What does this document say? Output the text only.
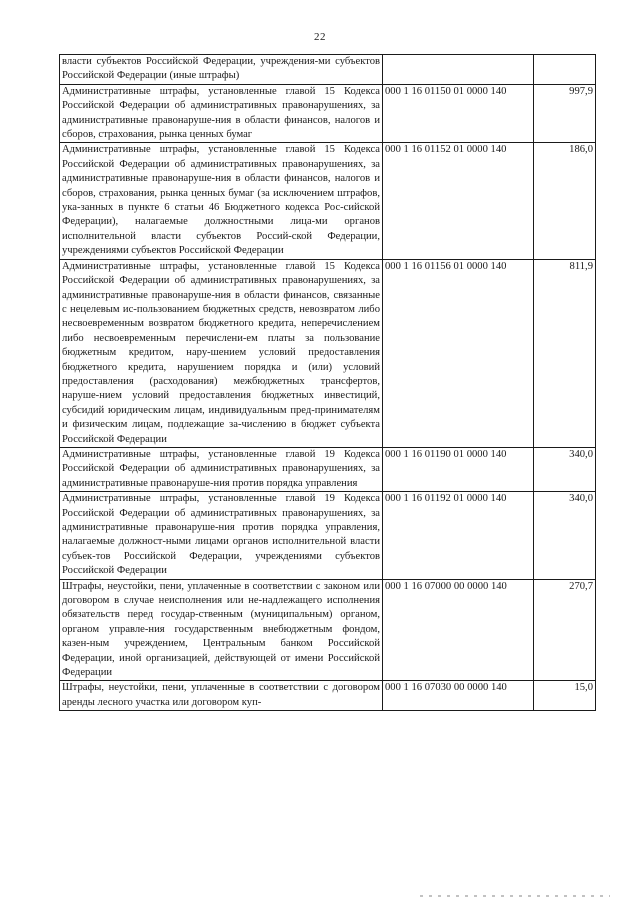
22
власти субъектов Российской Федерации, учреждения-ми субъектов Российской Федерации (иные штрафы)		
Административные штрафы, установленные главой 15 Кодекса Российской Федерации об административных правонарушениях, за административные правонаруше-ния в области финансов, налогов и сборов, страхования, рынка ценных бумаг	000 1 16 01150 01 0000 140	997,9
Административные штрафы, установленные главой 15 Кодекса Российской Федерации об административных правонарушениях, за административные правонаруше-ния в области финансов, налогов и сборов, страхования, рынка ценных бумаг (за исключением штрафов, ука-занных в пункте 6 статьи 46 Бюджетного кодекса Рос-сийской Федерации), налагаемые должностными лица-ми органов исполнительной власти субъектов Россий-ской Федерации, учреждениями субъектов Российской Федерации	000 1 16 01152 01 0000 140	186,0
Административные штрафы, установленные главой 15 Кодекса Российской Федерации об административных правонарушениях, за административные правонаруше-ния в области финансов, связанные с нецелевым ис-пользованием бюджетных средств, невозвратом либо несвоевременным возвратом бюджетного кредита, неперечислением либо несвоевременным перечислени-ем платы за пользование бюджетным кредитом, нару-шением условий предоставления бюджетного кредита, нарушением порядка и (или) условий предоставления (расходования) межбюджетных трансфертов, наруше-нием условий предоставления бюджетных инвестиций, субсидий юридическим лицам, индивидуальным пред-принимателям и физическим лицам, подлежащие за-числению в бюджет субъекта Российской Федерации	000 1 16 01156 01 0000 140	811,9
Административные штрафы, установленные главой 19 Кодекса Российской Федерации об административных правонарушениях, за административные правонаруше-ния против порядка управления	000 1 16 01190 01 0000 140	340,0
Административные штрафы, установленные главой 19 Кодекса Российской Федерации об административных правонарушениях, за административные правонаруше-ния против порядка управления, налагаемые должност-ными лицами органов исполнительной власти субъек-тов Российской Федерации, учреждениями субъектов Российской Федерации	000 1 16 01192 01 0000 140	340,0
Штрафы, неустойки, пени, уплаченные в соответствии с законом или договором в случае неисполнения или не-надлежащего исполнения обязательств перед государ-ственным (муниципальным) органом, органом управле-ния государственным внебюджетным фондом, казен-ным учреждением, Центральным банком Российской Федерации, иной организацией, действующей от имени Российской Федерации	000 1 16 07000 00 0000 140	270,7
Штрафы, неустойки, пени, уплаченные в соответствии с договором аренды лесного участка или договором куп-	000 1 16 07030 00 0000 140	15,0
